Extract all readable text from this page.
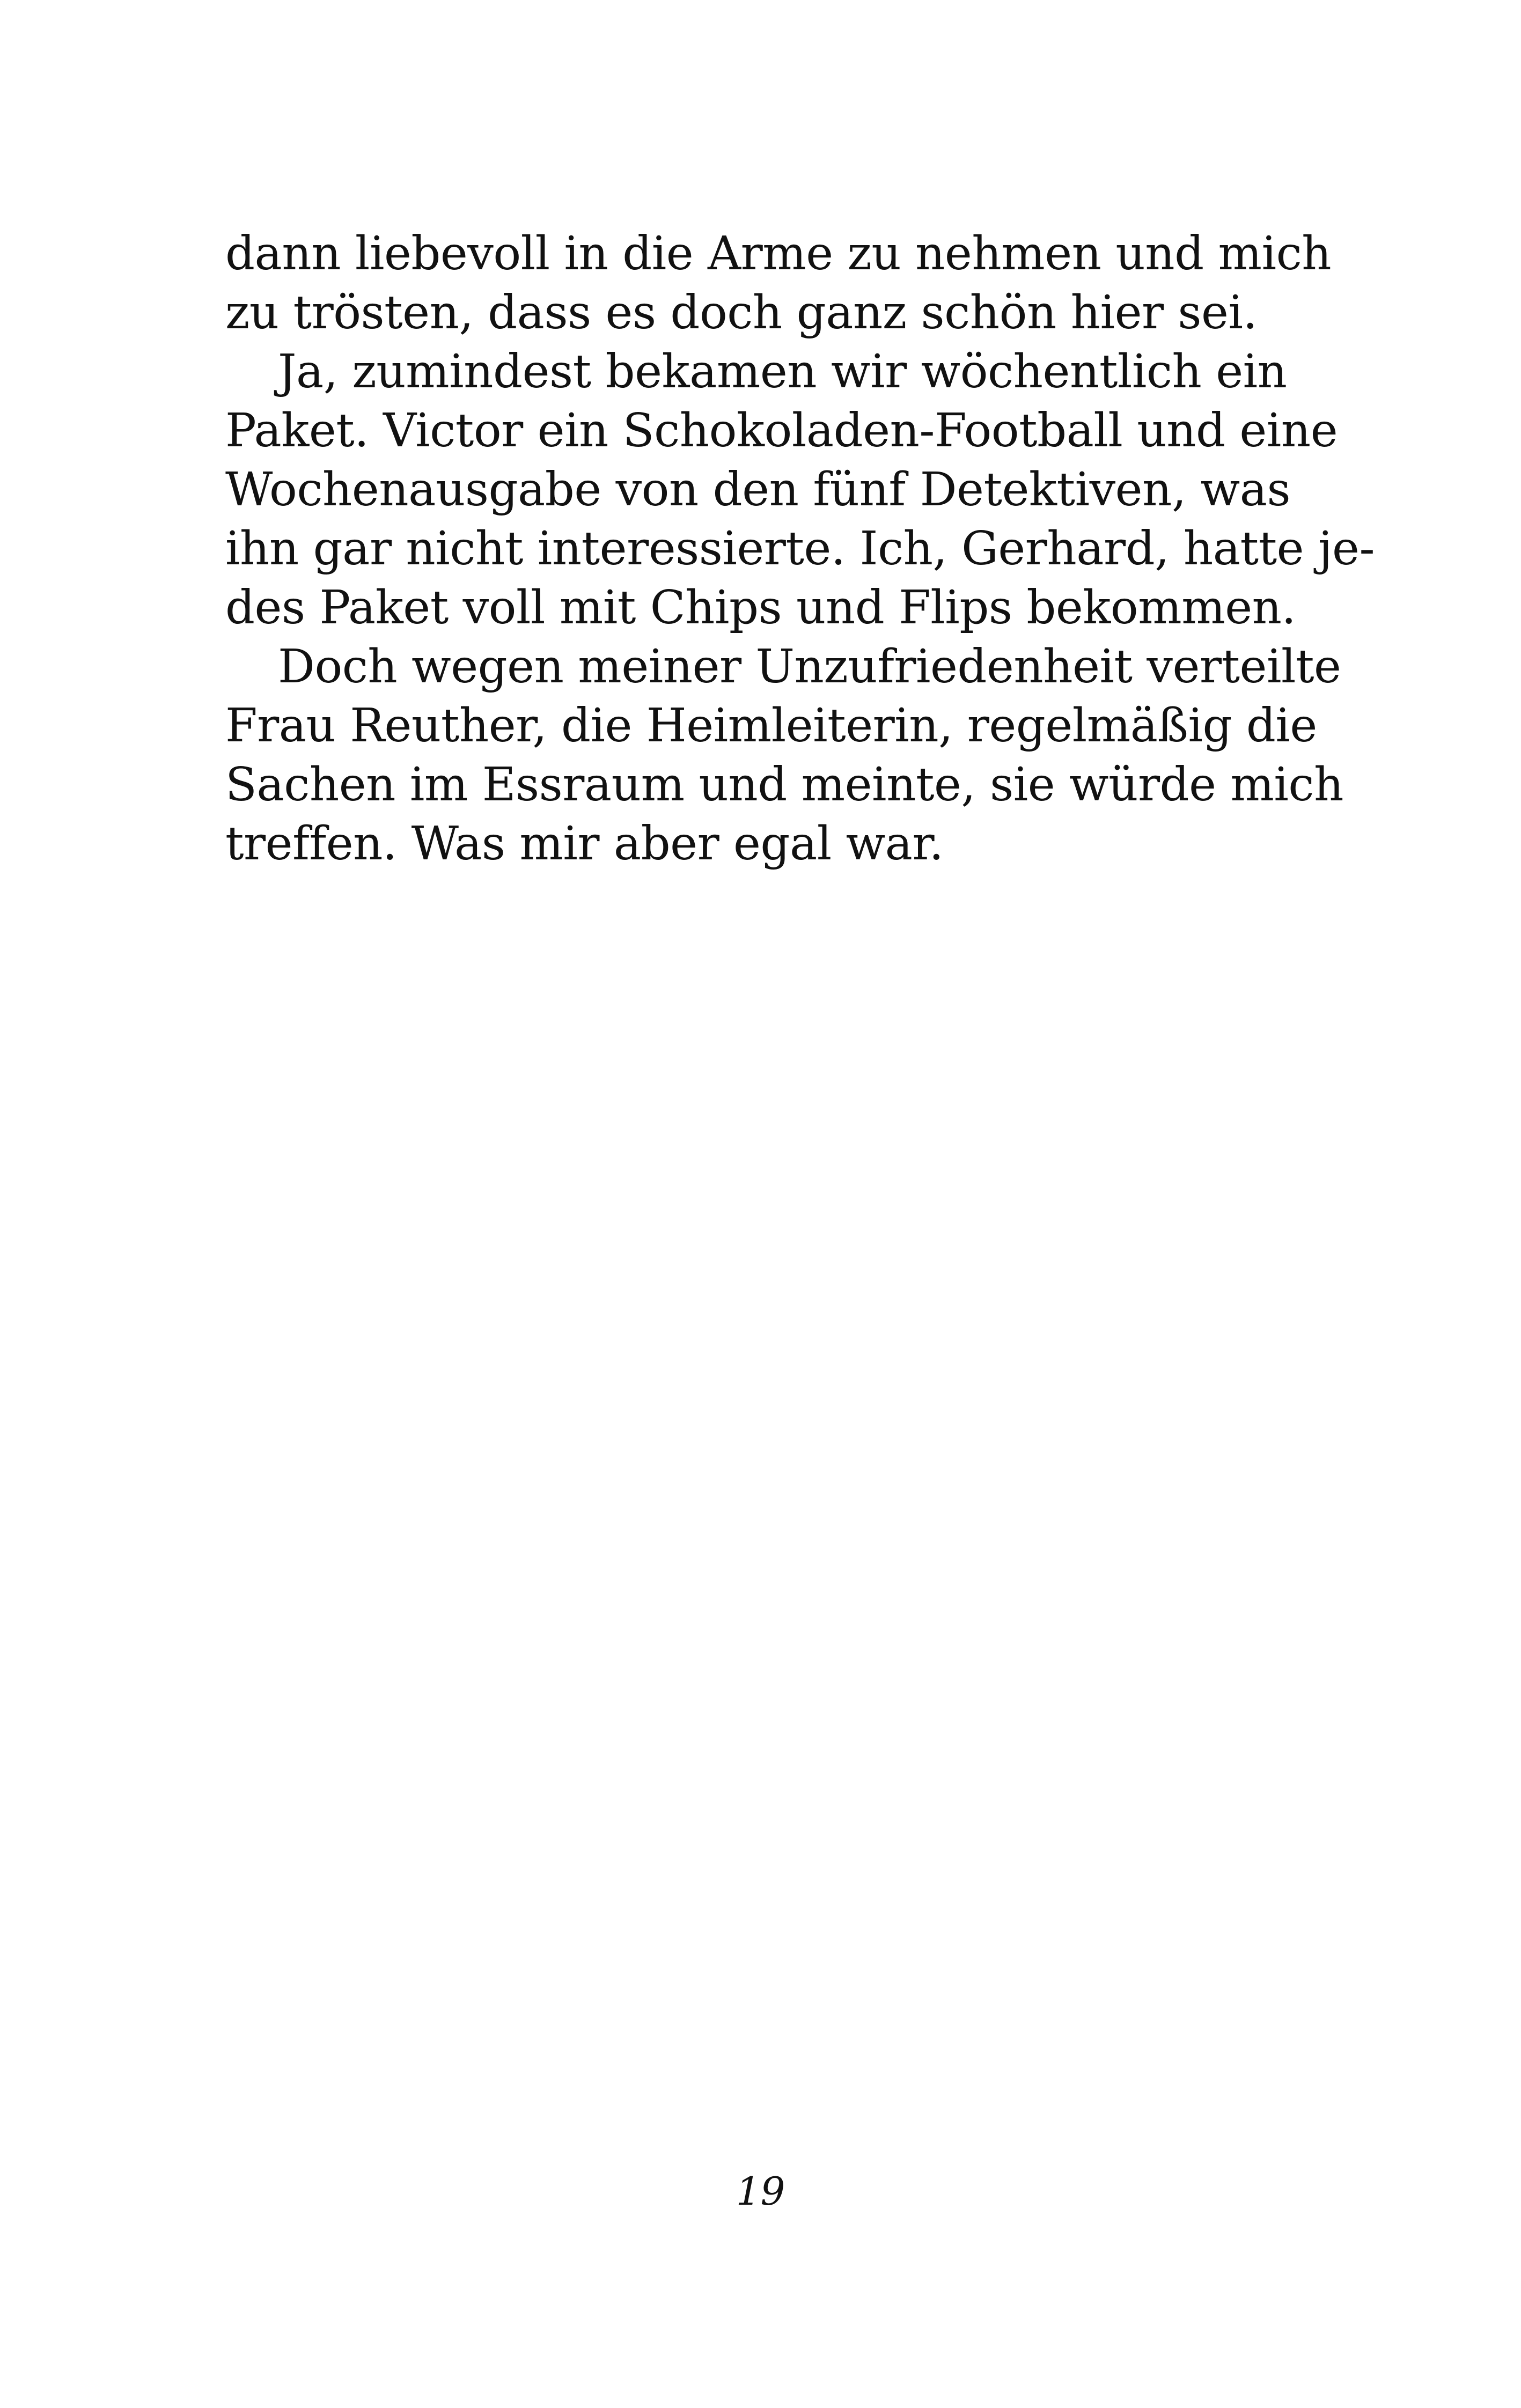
dann liebevoll in die Arme zu nehmen und mich
zu trösten, dass es doch ganz schön hier sei.

Ja, zumindest bekamen wir wöchentlich ein
Paket. Victor ein Schokoladen-Football und eine
Wochenausgabe von den fünf Detektiven, was
ihn gar nicht interessierte. Ich, Gerhard, hatte je-
des Paket voll mit Chips und Flips bekommen.

Doch wegen meiner Unzufriedenheit verteilte
Frau Reuther, die Heimleiterin, regelmäßig die
Sachen im Essraum und meinte, sie würde mich
treffen. Was mir aber egal war.

19
